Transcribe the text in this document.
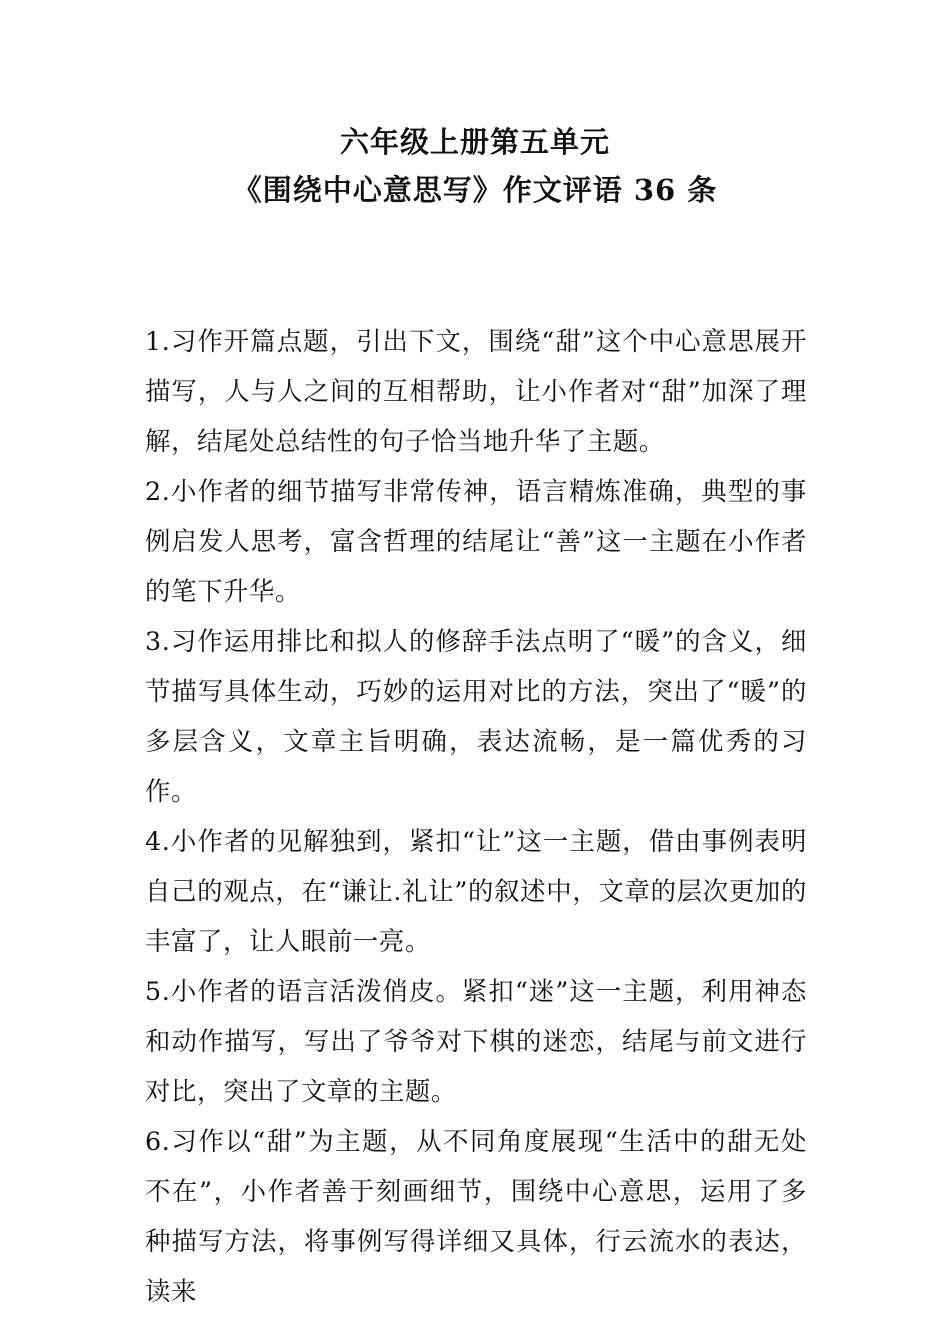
六年级上册第五单元
《围绕中心意思写》作文评语 36 条

1.习作开篇点题，引出下文，围绕“甜”这个中心意思展开描写，人与人之间的互相帮助，让小作者对“甜”加深了理解，结尾处总结性的句子恰当地升华了主题。

2.小作者的细节描写非常传神，语言精炼准确，典型的事例启发人思考，富含哲理的结尾让“善”这一主题在小作者的笔下升华。

3.习作运用排比和拟人的修辞手法点明了“暖”的含义，细节描写具体生动，巧妙的运用对比的方法，突出了“暖”的多层含义，文章主旨明确，表达流畅，是一篇优秀的习作。

4.小作者的见解独到，紧扣“让”这一主题，借由事例表明自己的观点，在“谦让.礼让”的叙述中，文章的层次更加的丰富了，让人眼前一亮。

5.小作者的语言活泼俏皮。紧扣“迷”这一主题，利用神态和动作描写，写出了爷爷对下棋的迷恋，结尾与前文进行对比，突出了文章的主题。

6.习作以“甜”为主题，从不同角度展现“生活中的甜无处不在”，小作者善于刻画细节，围绕中心意思，运用了多种描写方法，将事例写得详细又具体，行云流水的表达，读来
